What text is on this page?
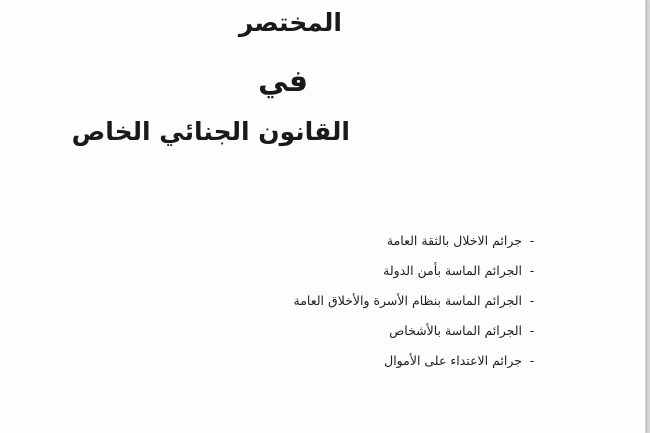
المختصر
في
القانون الجنائي الخاص
-جرائم الاخلال بالثقة العامة
-الجرائم الماسة بأمن الدولة
-الجرائم الماسة بنظام الأسرة والأخلاق العامة
-الجرائم الماسة بالأشخاص
-جرائم الاعتداء على الأموال
